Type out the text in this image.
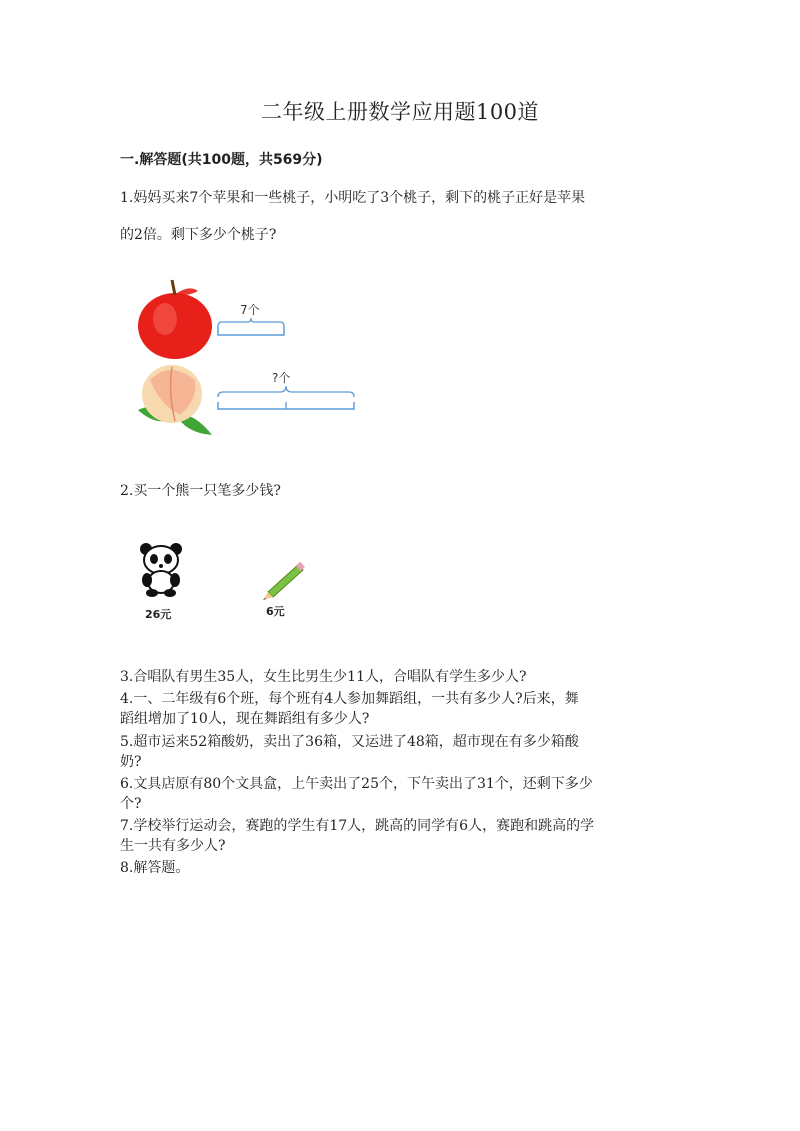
二年级上册数学应用题100道
一.解答题(共100题，共569分)
1.妈妈买来7个苹果和一些桃子，小明吃了3个桃子，剩下的桃子正好是苹果
的2倍。剩下多少个桃子?
7个
?个
2.买一个熊一只笔多少钱?
26元	6元
3.合唱队有男生35人，女生比男生少11人，合唱队有学生多少人?
4.一、二年级有6个班，每个班有4人参加舞蹈组，一共有多少人?后来，舞
蹈组增加了10人，现在舞蹈组有多少人?
5.超市运来52箱酸奶，卖出了36箱，又运进了48箱，超市现在有多少箱酸
奶?
6.文具店原有80个文具盒，上午卖出了25个，下午卖出了31个，还剩下多少
个?
7.学校举行运动会，赛跑的学生有17人，跳高的同学有6人，赛跑和跳高的学
生一共有多少人?
8.解答题。
